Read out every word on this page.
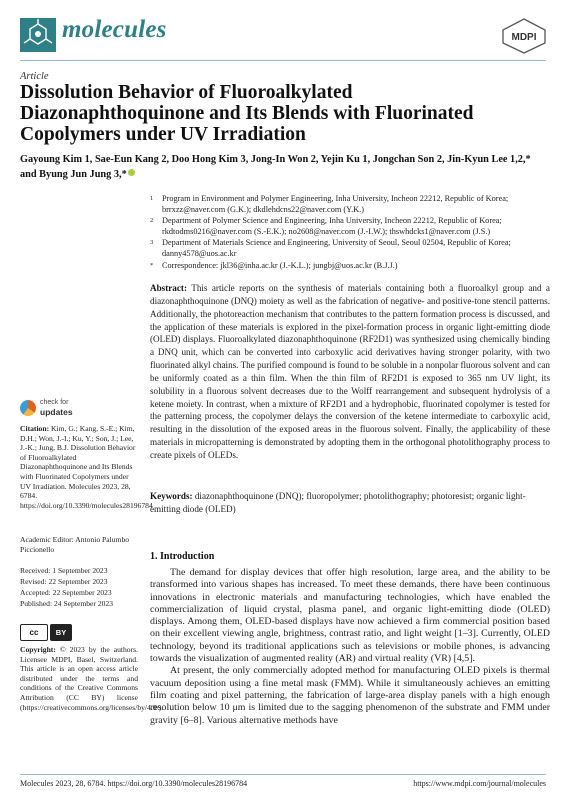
molecules	MDPI
Article
Dissolution Behavior of Fluoroalkylated Diazonaphthoquinone and Its Blends with Fluorinated Copolymers under UV Irradiation
Gayoung Kim 1, Sae-Eun Kang 2, Doo Hong Kim 3, Jong-In Won 2, Yejin Ku 1, Jongchan Son 2, Jin-Kyun Lee 1,2,*
and Byung Jun Jung 3,*
1 Program in Environment and Polymer Engineering, Inha University, Incheon 22212, Republic of Korea; brrxzz@naver.com (G.K.); dkdlehdcns22@naver.com (Y.K.)
2 Department of Polymer Science and Engineering, Inha University, Incheon 22212, Republic of Korea; rkdtodms0216@naver.com (S.-E.K.); no2608@naver.com (J.-I.W.); thswhdcks1@naver.com (J.S.)
3 Department of Materials Science and Engineering, University of Seoul, Seoul 02504, Republic of Korea; danny4578@uos.ac.kr
* Correspondence: jkl36@inha.ac.kr (J.-K.L.); jungbj@uos.ac.kr (B.J.J.)
Abstract: This article reports on the synthesis of materials containing both a fluoroalkyl group and a diazonaphthoquinone (DNQ) moiety as well as the fabrication of negative- and positive-tone stencil patterns. Additionally, the photoreaction mechanism that contributes to the pattern formation process is discussed, and the application of these materials is explored in the pixel-formation process in organic light-emitting diode (OLED) displays. Fluoroalkylated diazonaphthoquinone (RF2D1) was synthesized using chemically binding a DNQ unit, which can be converted into carboxylic acid derivatives having stronger polarity, with two fluorinated alkyl chains. The purified compound is found to be soluble in a nonpolar fluorous solvent and can be uniformly coated as a thin film. When the thin film of RF2D1 is exposed to 365 nm UV light, its solubility in a fluorous solvent decreases due to the Wolff rearrangement and subsequent hydrolysis of a ketene moiety. In contrast, when a mixture of RF2D1 and a hydrophobic, fluorinated copolymer is tested for the patterning process, the copolymer delays the conversion of the ketene intermediate to carboxylic acid, resulting in the dissolution of the exposed areas in the fluorous solvent. Finally, the applicability of these materials in micropatterning is demonstrated by adopting them in the orthogonal photolithography process to create pixels of OLEDs.
Keywords: diazonaphthoquinone (DNQ); fluoropolymer; photolithography; photoresist; organic light-emitting diode (OLED)
check for
updates
Citation: Kim, G.; Kang, S.-E.; Kim, D.H.; Won, J.-I.; Ku, Y.; Son, J.; Lee, J.-K.; Jung, B.J. Dissolution Behavior of Fluoroalkylated Diazonaphthoquinone and Its Blends with Fluorinated Copolymers under UV Irradiation. Molecules 2023, 28, 6784. https://doi.org/10.3390/molecules28196784
Academic Editor: Antonio Palumbo Piccionello
Received: 1 September 2023
Revised: 22 September 2023
Accepted: 22 September 2023
Published: 24 September 2023
cc	BY
Copyright: © 2023 by the authors. Licensee MDPI, Basel, Switzerland. This article is an open access article distributed under the terms and conditions of the Creative Commons Attribution (CC BY) license (https://creativecommons.org/licenses/by/4.0/).
1. Introduction

The demand for display devices that offer high resolution, large area, and the ability to be transformed into various shapes has increased. To meet these demands, there have been continuous innovations in electronic materials and manufacturing technologies, which have enabled the commercialization of liquid crystal, plasma panel, and organic light-emitting diode (OLED) displays. Among them, OLED-based displays have now achieved a firm commercial position based on their excellent viewing angle, brightness, contrast ratio, and light weight [1–3]. Currently, OLED technology, beyond its traditional applications such as televisions or mobile phones, is advancing towards the visualization of augmented reality (AR) and virtual reality (VR) [4,5].

At present, the only commercially adopted method for manufacturing OLED pixels is thermal vacuum deposition using a fine metal mask (FMM). While it simultaneously achieves an emitting film coating and pixel patterning, the fabrication of large-area display panels with a high enough resolution below 10 μm is limited due to the sagging phenomenon of the substrate and FMM under gravity [6–8]. Various alternative methods have

Molecules 2023, 28, 6784. https://doi.org/10.3390/molecules28196784	https://www.mdpi.com/journal/molecules
